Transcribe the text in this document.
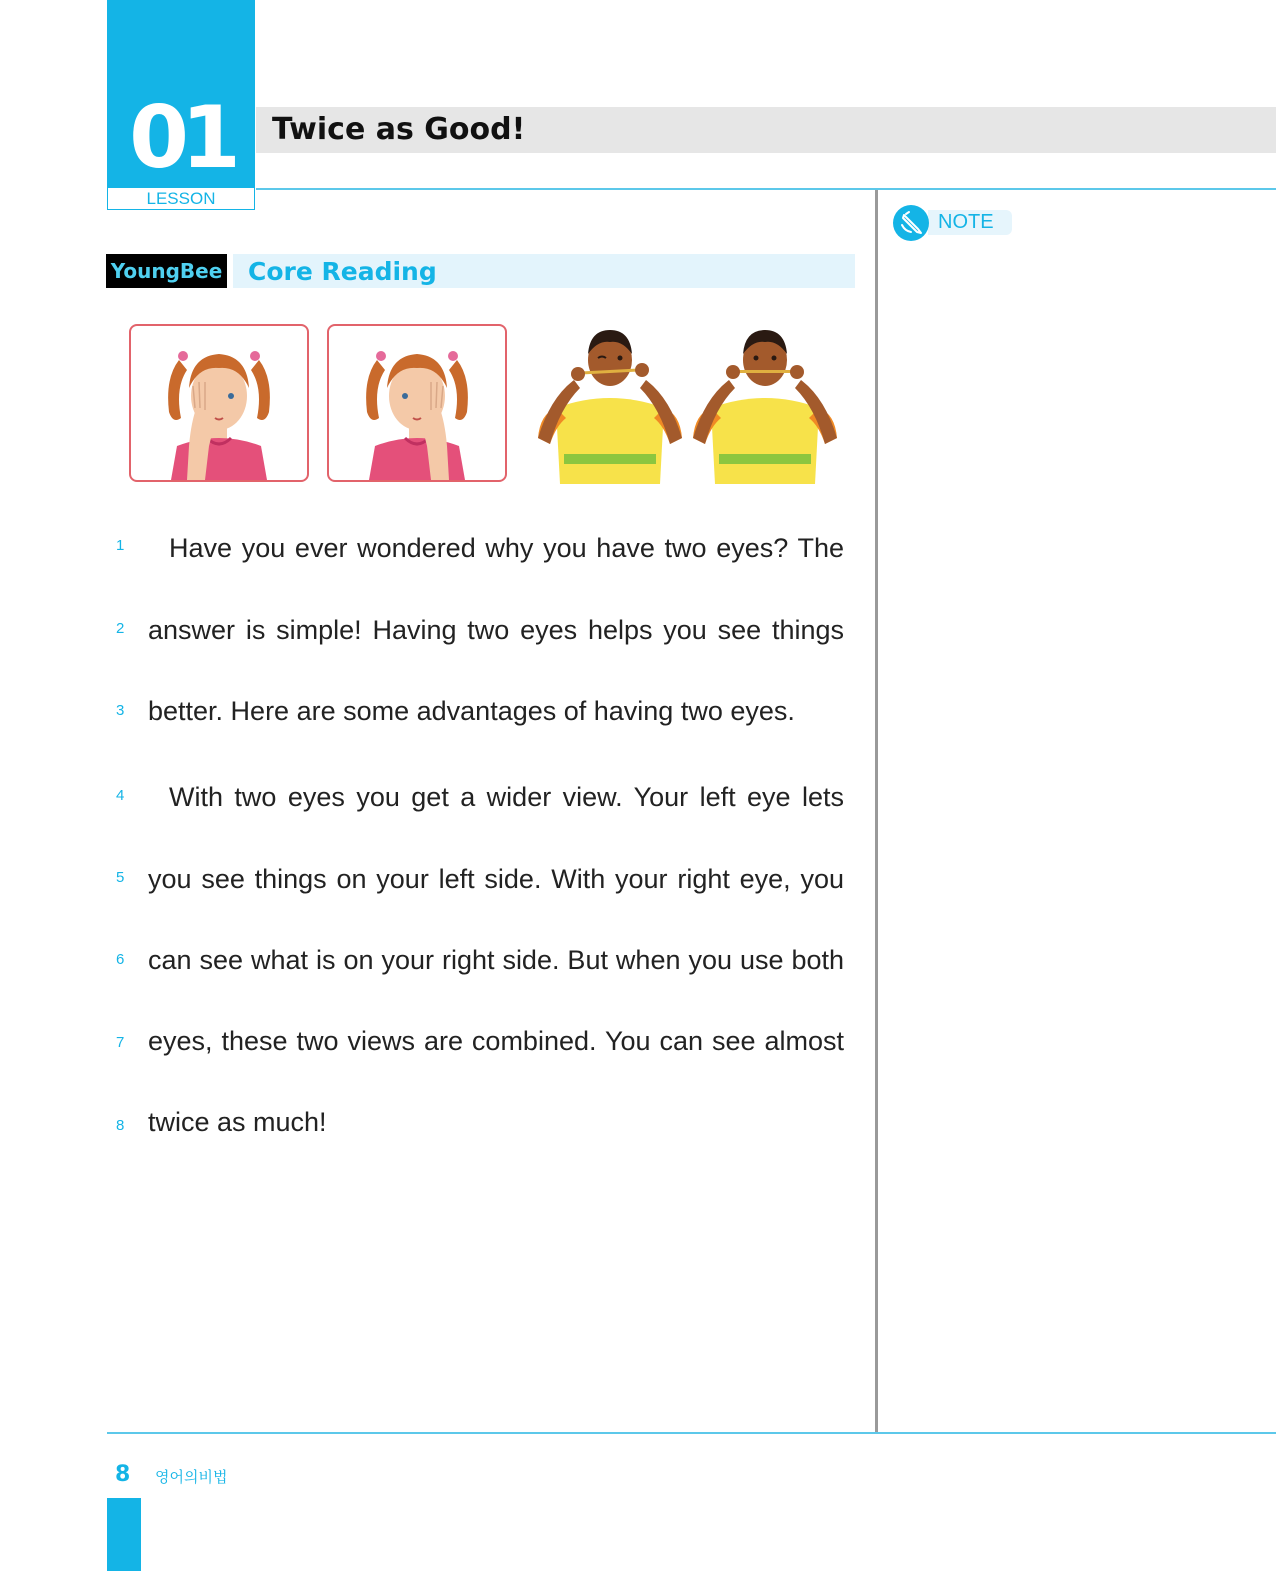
01
LESSON
Twice as Good!
NOTE
YoungBee Core Reading
1	Have you ever wondered why you have two eyes? The
2 answer is simple! Having two eyes helps you see things
3 better. Here are some advantages of having two eyes.
4	With two eyes you get a wider view. Your left eye lets
5 you see things on your left side. With your right eye, you
6 can see what is on your right side. But when you use both
7 eyes, these two views are combined. You can see almost
8 twice as much!
8 영어의비법
